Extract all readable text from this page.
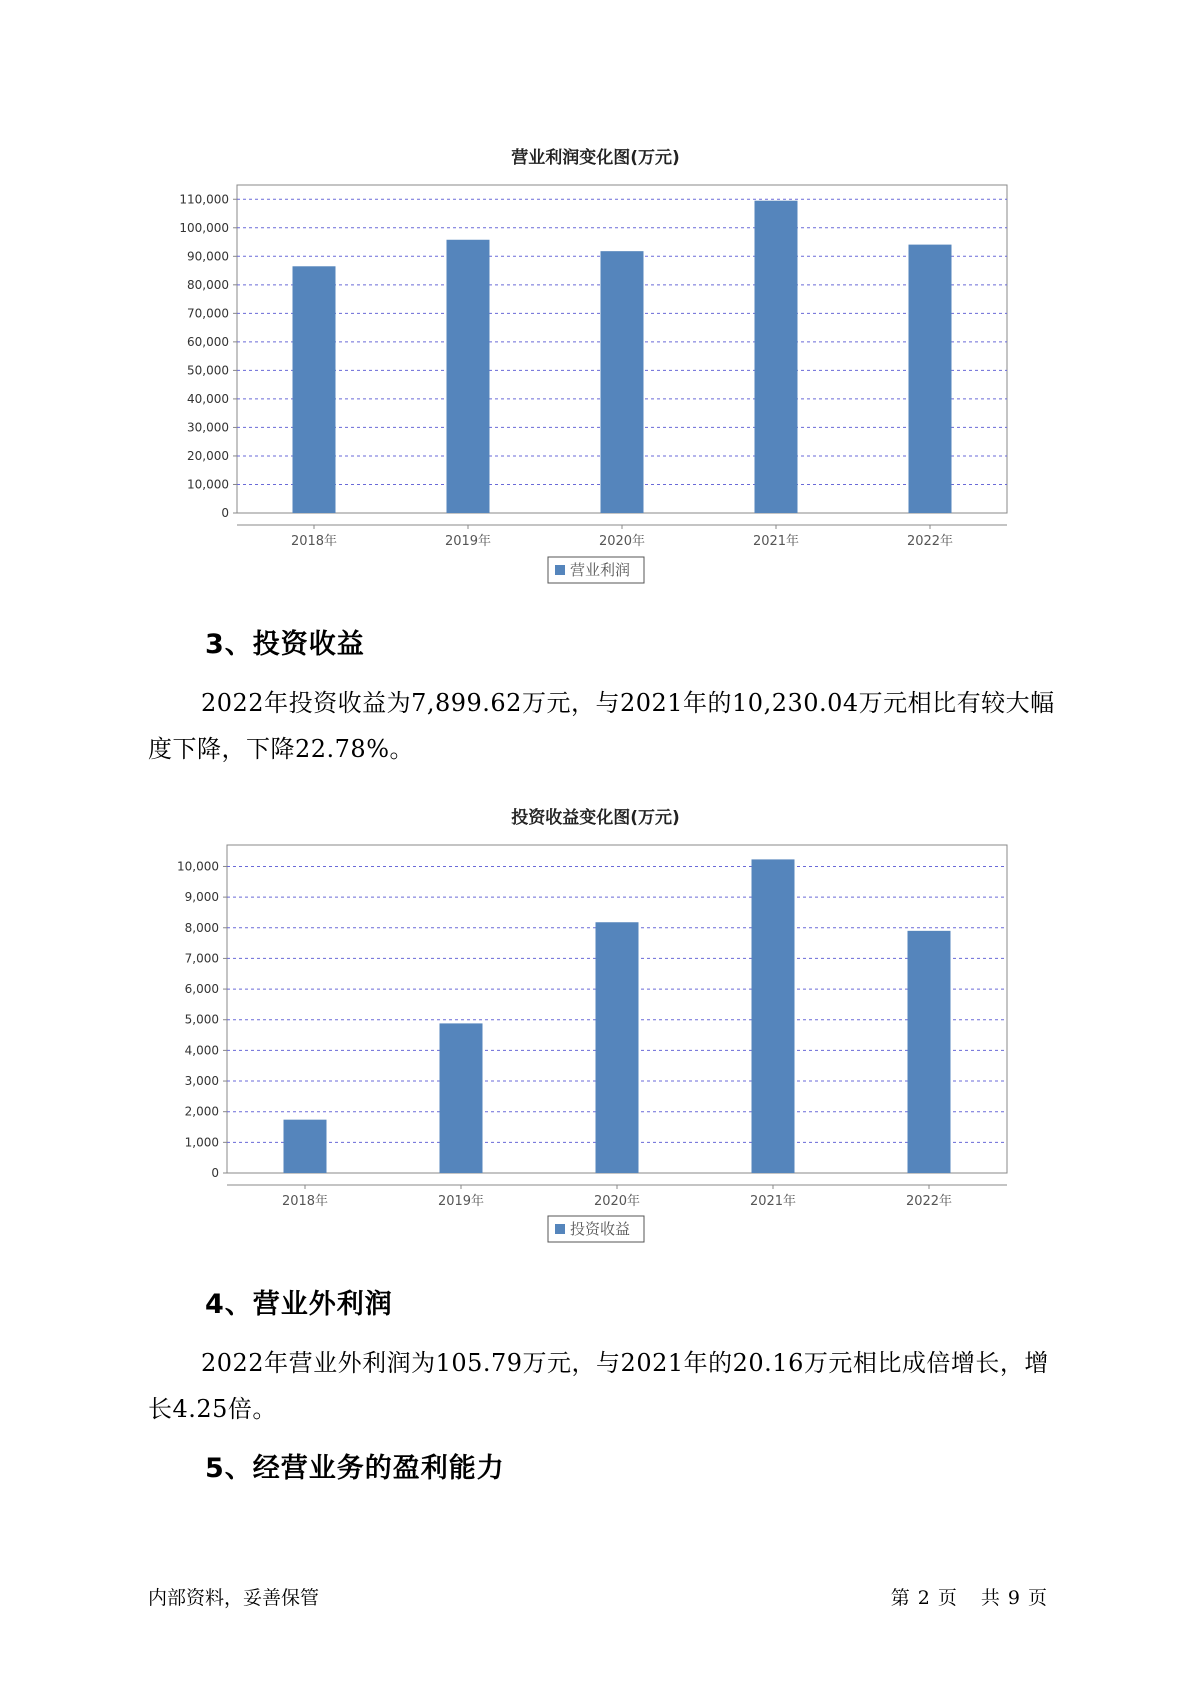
营业利润变化图(万元)
0
10,000
20,000
30,000
40,000
50,000
60,000
70,000
80,000
90,000
100,000
110,000
2018年	2019年	2020年	2021年	2022年
营业利润
3、投资收益

2022年投资收益为7,899.62万元，与2021年的10,230.04万元相比有较大幅度下降，下降22.78%。

投资收益变化图(万元)
0
1,000
2,000
3,000
4,000
5,000
6,000
7,000
8,000
9,000
10,000
2018年	2019年	2020年	2021年	2022年
投资收益
4、营业外利润

2022年营业外利润为105.79万元，与2021年的20.16万元相比成倍增长，增长4.25倍。

5、经营业务的盈利能力
内部资料，妥善保管	第 2 页 共 9 页
